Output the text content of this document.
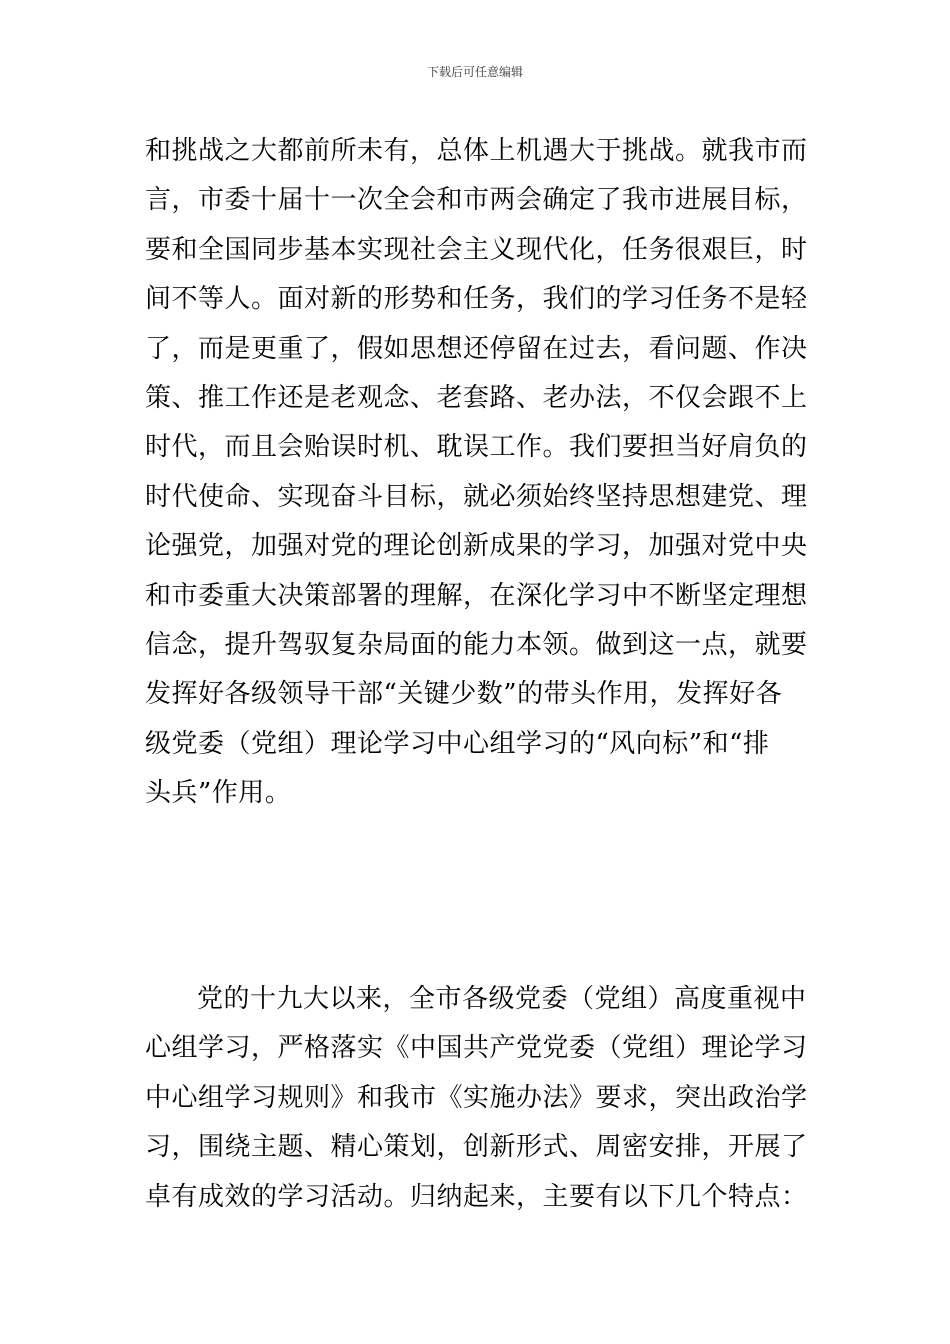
下载后可任意编辑
和挑战之大都前所未有，总体上机遇大于挑战。就我市而
言，市委十届十一次全会和市两会确定了我市进展目标，
要和全国同步基本实现社会主义现代化，任务很艰巨，时
间不等人。面对新的形势和任务，我们的学习任务不是轻
了，而是更重了，假如思想还停留在过去，看问题、作决
策、推工作还是老观念、老套路、老办法，不仅会跟不上
时代，而且会贻误时机、耽误工作。我们要担当好肩负的
时代使命、实现奋斗目标，就必须始终坚持思想建党、理
论强党，加强对党的理论创新成果的学习，加强对党中央
和市委重大决策部署的理解，在深化学习中不断坚定理想
信念，提升驾驭复杂局面的能力本领。做到这一点，就要
发挥好各级领导干部“关键少数”的带头作用，发挥好各
级党委（党组）理论学习中心组学习的“风向标”和“排
头兵”作用。
党的十九大以来，全市各级党委（党组）高度重视中
心组学习，严格落实《中国共产党党委（党组）理论学习
中心组学习规则》和我市《实施办法》要求，突出政治学
习，围绕主题、精心策划，创新形式、周密安排，开展了
卓有成效的学习活动。归纳起来，主要有以下几个特点：
